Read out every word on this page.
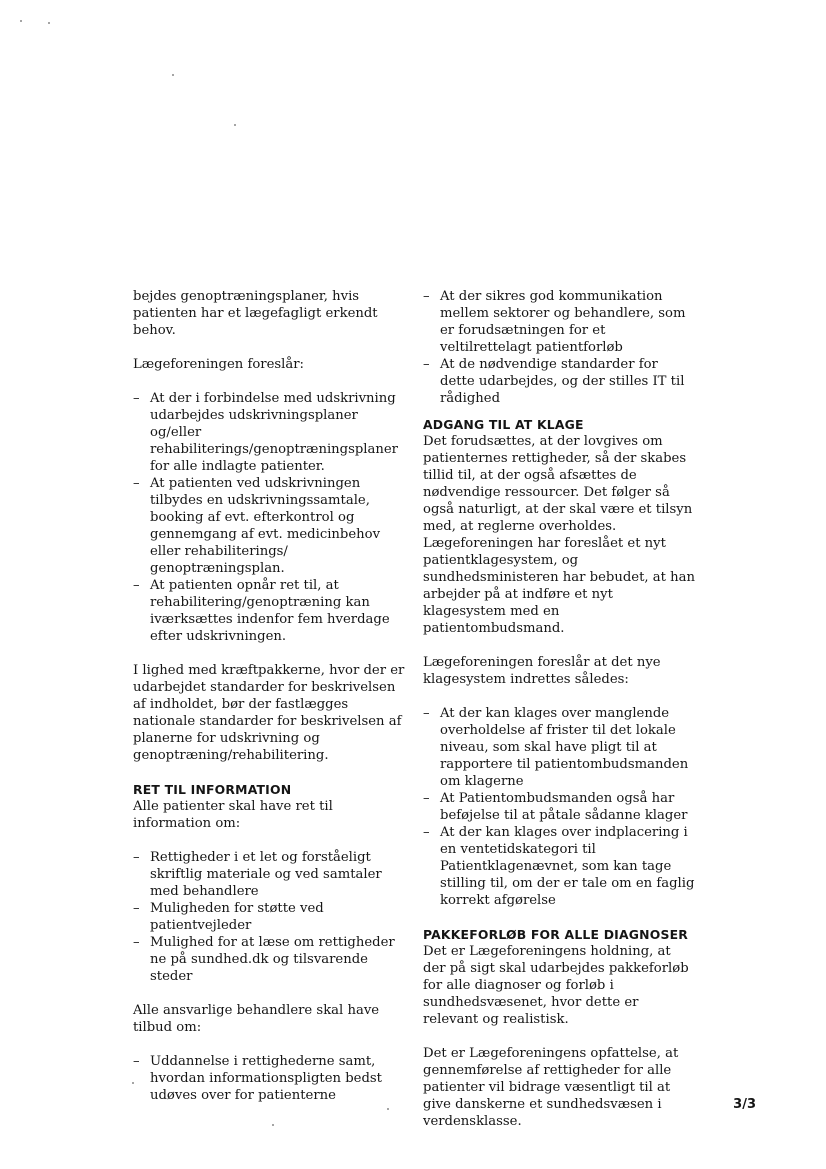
bejdes genoptræningsplaner, hvis patienten har et lægefagligt erkendt behov.

Lægeforeningen foreslår:

– At der i forbindelse med udskrivning udarbejdes udskrivningsplaner og/eller rehabiliterings/genoptræningsplaner for alle indlagte patienter.
– At patienten ved udskrivningen tilbydes en udskrivningssamtale, booking af evt. efterkontrol og gennemgang af evt. medicinbehov eller rehabiliterings/ genoptræningsplan.
– At patienten opnår ret til, at rehabilitering/genoptræning kan iværksættes indenfor fem hverdage efter udskrivningen.

I lighed med kræftpakkerne, hvor der er udarbejdet standarder for beskrivelsen af indholdet, bør der fastlægges nationale standarder for beskrivelsen af planerne for udskrivning og genoptræning/rehabilitering.

RET TIL INFORMATION

Alle patienter skal have ret til information om:

– Rettigheder i et let og forståeligt skriftlig materiale og ved samtaler med behandlere
– Muligheden for støtte ved patientvejleder
– Mulighed for at læse om rettigheder ne på sundhed.dk og tilsvarende steder

Alle ansvarlige behandlere skal have tilbud om:

– Uddannelse i rettighederne samt, hvordan informationspligten bedst udøves over for patienterne
– At der sikres god kommunikation mellem sektorer og behandlere, som er forudsætningen for et veltilrettelagt patientforløb
– At de nødvendige standarder for dette udarbejdes, og der stilles IT til rådighed
ADGANG TIL AT KLAGE

Det forudsættes, at der lovgives om patienternes rettigheder, så der skabes tillid til, at der også afsættes de nødvendige ressourcer. Det følger så også naturligt, at der skal være et tilsyn med, at reglerne overholdes. Lægeforeningen har foreslået et nyt patientklagesystem, og sundhedsministeren har bebudet, at han arbejder på at indføre et nyt klagesystem med en patientombudsmand.

Lægeforeningen foreslår at det nye klagesystem indrettes således:

– At der kan klages over manglende overholdelse af frister til det lokale niveau, som skal have pligt til at rapportere til patientombudsmanden om klagerne
– At Patientombudsmanden også har beføjelse til at påtale sådanne klager
– At der kan klages over indplacering i en ventetidskategori til Patientklagenævnet, som kan tage stilling til, om der er tale om en faglig korrekt afgørelse
PAKKEFORLØB FOR ALLE DIAGNOSER

Det er Lægeforeningens holdning, at der på sigt skal udarbejdes pakkeforløb for alle diagnoser og forløb i sundhedsvæsenet, hvor dette er relevant og realistisk.

Det er Lægeforeningens opfattelse, at gennemførelse af rettigheder for alle patienter vil bidrage væsentligt til at give danskerne et sundhedsvæsen i verdensklasse.

3/3
